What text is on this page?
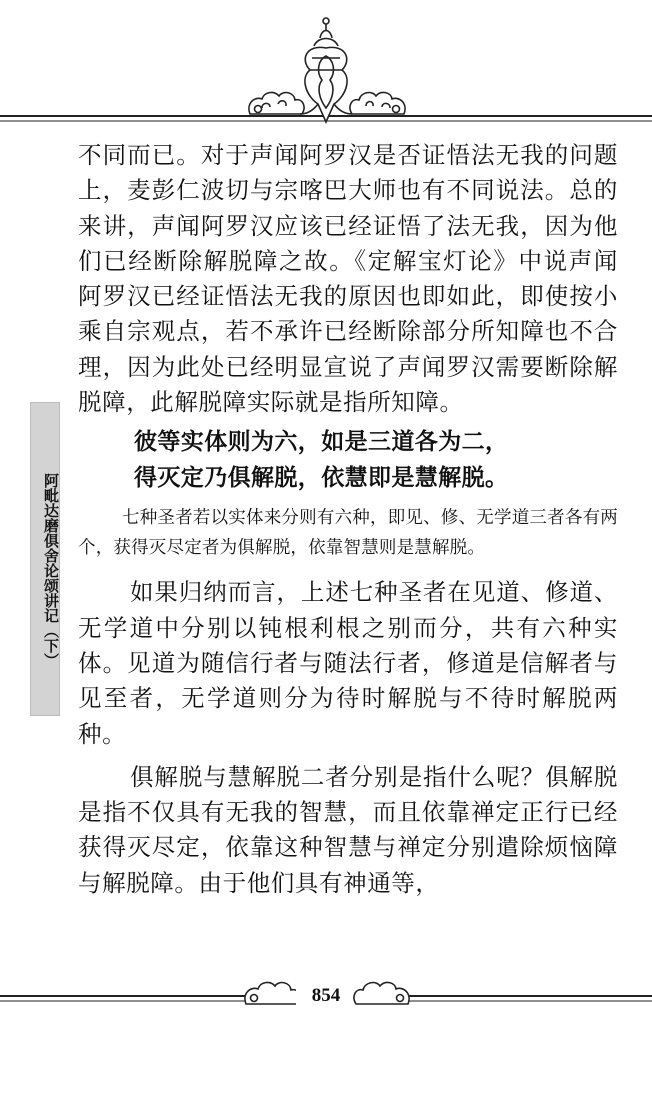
阿毗达磨俱舍论颂讲记（下）

不同而已。对于声闻阿罗汉是否证悟法无我的问题上，麦彭仁波切与宗喀巴大师也有不同说法。总的来讲，声闻阿罗汉应该已经证悟了法无我，因为他们已经断除解脱障之故。《定解宝灯论》中说声闻阿罗汉已经证悟法无我的原因也即如此，即使按小乘自宗观点，若不承许已经断除部分所知障也不合理，因为此处已经明显宣说了声闻罗汉需要断除解脱障，此解脱障实际就是指所知障。

彼等实体则为六，如是三道各为二，
得灭定乃俱解脱，依慧即是慧解脱。

七种圣者若以实体来分则有六种，即见、修、无学道三者各有两个，获得灭尽定者为俱解脱，依靠智慧则是慧解脱。

如果归纳而言，上述七种圣者在见道、修道、无学道中分别以钝根利根之别而分，共有六种实体。见道为随信行者与随法行者，修道是信解者与见至者，无学道则分为待时解脱与不待时解脱两种。

俱解脱与慧解脱二者分别是指什么呢？俱解脱是指不仅具有无我的智慧，而且依靠禅定正行已经获得灭尽定，依靠这种智慧与禅定分别遣除烦恼障与解脱障。由于他们具有神通等，

854
